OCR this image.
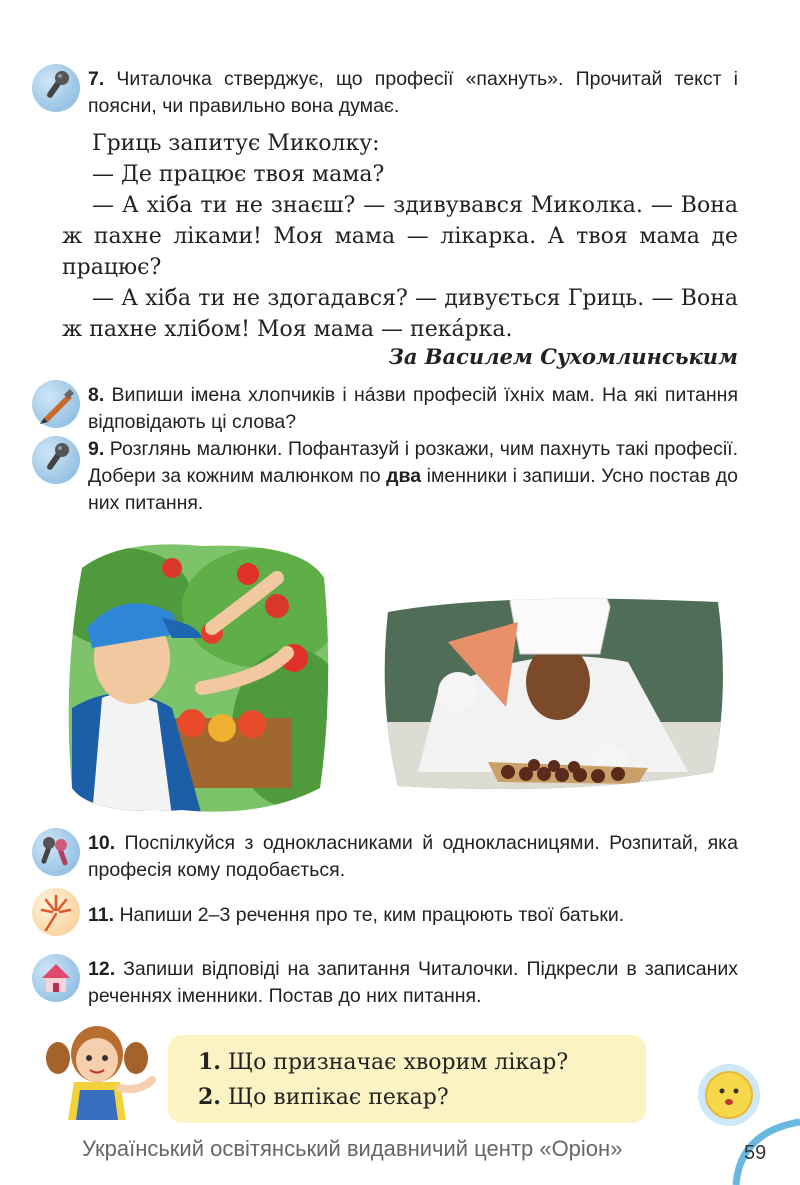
7. Читалочка стверджує, що професії «пахнуть». Прочитай текст і поясни, чи правильно вона думає.

Гриць запитує Миколку:

— Де працює твоя мама?

— А хіба ти не знаєш? — здивувався Миколка. — Вона ж пахне ліками! Моя мама — лікарка. А твоя мама де працює?

— А хіба ти не здогадався? — дивується Гриць. — Вона ж пахне хлібом! Моя мама — пекáрка.

За Василем Сухомлинським
8. Випиши імена хлопчиків і нáзви професій їхніх мам. На які питання відповідають ці слова?
9. Розглянь малюнки. Пофантазуй і розкажи, чим пахнуть такі професії. Добери за кожним малюнком по два іменники і запиши. Усно постав до них питання.
10. Поспілкуйся з однокласниками й однокласницями. Розпитай, яка професія кому подобається.
11. Напиши 2–3 речення про те, ким працюють твої батьки.
12. Запиши відповіді на запитання Читалочки. Підкресли в записаних реченнях іменники. Постав до них питання.
1. Що призначає хворим лікар?
2. Що випікає пекар?
Український освітянський видавничий центр «Оріон»	59
